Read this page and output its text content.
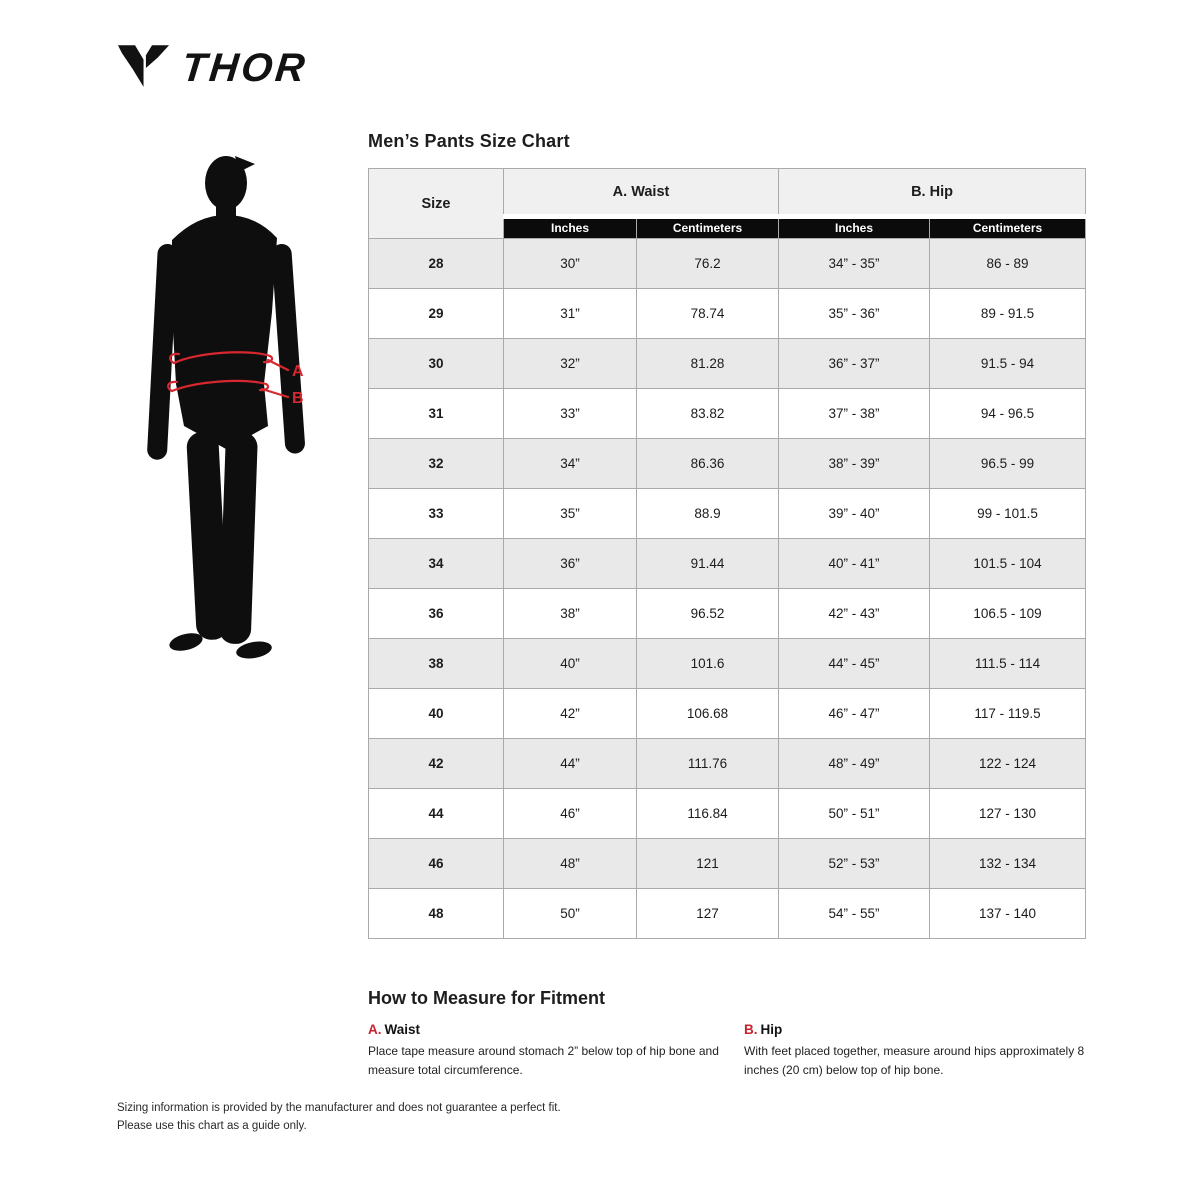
THOR
A
B
Men’s Pants Size Chart
Size	A. Waist		B. Hip	
	Inches	Centimeters	Inches	Centimeters
28	30”	76.2	34” - 35”	86 - 89
29	31”	78.74	35” - 36”	89 - 91.5
30	32”	81.28	36” - 37”	91.5 - 94
31	33”	83.82	37” - 38”	94 - 96.5
32	34”	86.36	38” - 39”	96.5 - 99
33	35”	88.9	39” - 40”	99 - 101.5
34	36”	91.44	40” - 41”	101.5 - 104
36	38”	96.52	42” - 43”	106.5 - 109
38	40”	101.6	44” - 45”	111.5 - 114
40	42”	106.68	46” - 47”	117 - 119.5
42	44”	111.76	48” - 49”	122 - 124
44	46”	116.84	50” - 51”	127 - 130
46	48”	121	52” - 53”	132 - 134
48	50”	127	54” - 55”	137 - 140
How to Measure for Fitment
A. Waist

Place tape measure around stomach 2” below top of hip bone and measure total circumference.

B. Hip

With feet placed together, measure around hips approximately 8 inches (20 cm) below top of hip bone.

Sizing information is provided by the manufacturer and does not guarantee a perfect fit.

Please use this chart as a guide only.
